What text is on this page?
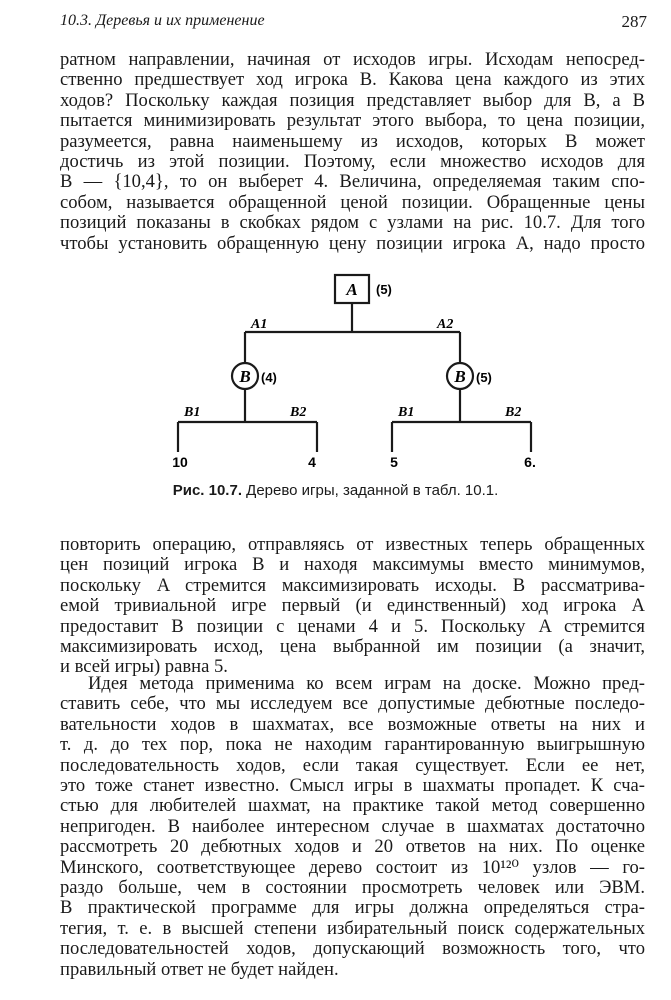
10.3. Деревья и их применение	287
ратном направлении, начиная от исходов игры. Исходам непосред-
ственно предшествует ход игрока B. Какова цена каждого из этих
ходов? Поскольку каждая позиция представляет выбор для B, а B
пытается минимизировать результат этого выбора, то цена позиции,
разумеется, равна наименьшему из исходов, которых B может
достичь из этой позиции. Поэтому, если множество исходов для
B — {10,4}, то он выберет 4. Величина, определяемая таким спо-
собом, называется обращенной ценой позиции. Обращенные цены
позиций показаны в скобках рядом с узлами на рис. 10.7. Для того
чтобы установить обращенную цену позиции игрока A, надо просто
A (5)
B (4)	B (5)
A1	A2
B1	B2	B1	B2
10	4	5	6.
Рис. 10.7. Дерево игры, заданной в табл. 10.1.
повторить операцию, отправляясь от известных теперь обращенных
цен позиций игрока B и находя максимумы вместо минимумов,
поскольку A стремится максимизировать исходы. В рассматрива-
емой тривиальной игре первый (и единственный) ход игрока A
предоставит B позиции с ценами 4 и 5. Поскольку A стремится
максимизировать исход, цена выбранной им позиции (а значит,
и всей игры) равна 5.
Идея метода применима ко всем играм на доске. Можно пред-
ставить себе, что мы исследуем все допустимые дебютные последо-
вательности ходов в шахматах, все возможные ответы на них и
т. д. до тех пор, пока не находим гарантированную выигрышную
последовательность ходов, если такая существует. Если ее нет,
это тоже станет известно. Смысл игры в шахматы пропадет. К сча-
стью для любителей шахмат, на практике такой метод совершенно
непригоден. В наиболее интересном случае в шахматах достаточно
рассмотреть 20 дебютных ходов и 20 ответов на них. По оценке
Минского, соответствующее дерево состоит из 10¹²⁰ узлов — го-
раздо больше, чем в состоянии просмотреть человек или ЭВМ.
В практической программе для игры должна определяться стра-
тегия, т. е. в высшей степени избирательный поиск содержательных
последовательностей ходов, допускающий возможность того, что
правильный ответ не будет найден.
